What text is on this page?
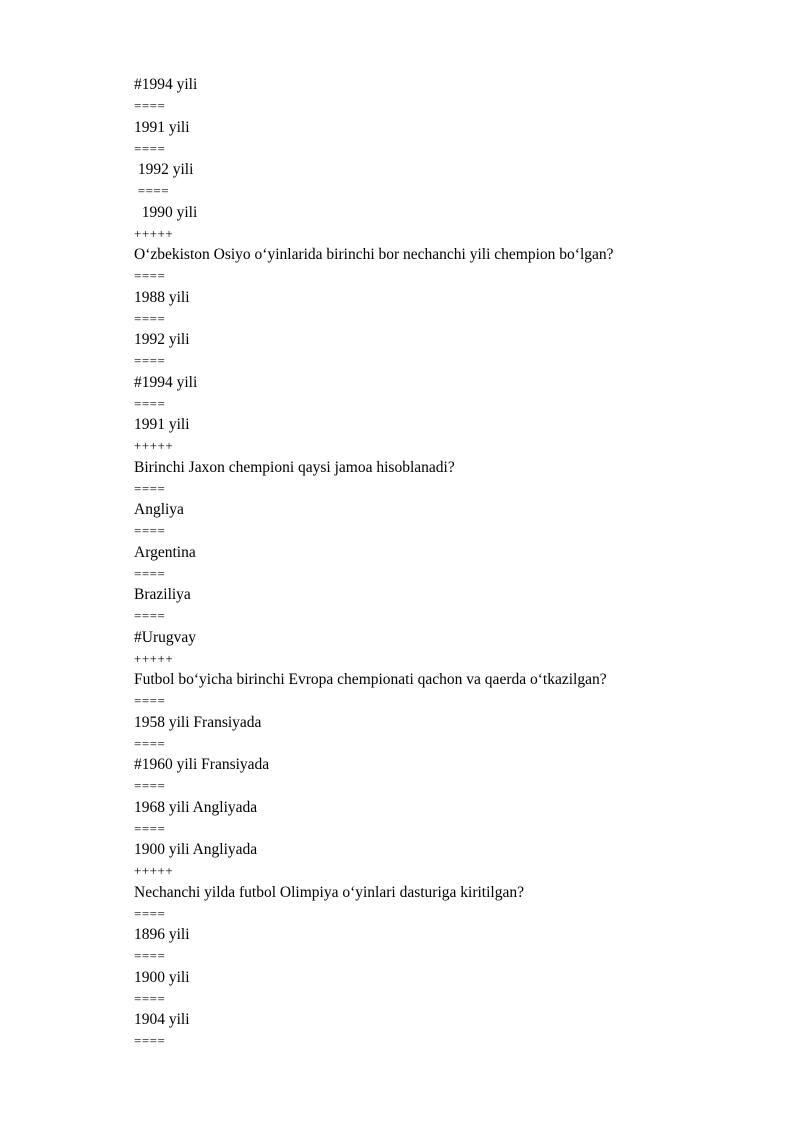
#1994 yili

====

1991 yili

====

1992 yili

====

1990 yili

+++++

O‘zbekiston Osiyo o‘yinlarida birinchi bor nechanchi yili chempion bo‘lgan?

====

1988 yili

====

1992 yili

====

#1994 yili

====

1991 yili

+++++

Birinchi Jaxon chempioni qaysi jamoa hisoblanadi?

====

Angliya

====

Argentina

====

Braziliya

====

#Urugvay

+++++

Futbol bo‘yicha birinchi Evropa chempionati qachon va qaerda o‘tkazilgan?

====

1958 yili Fransiyada

====

#1960 yili Fransiyada

====

1968 yili Angliyada

====

1900 yili Angliyada

+++++

Nechanchi yilda futbol Olimpiya o‘yinlari dasturiga kiritilgan?

====

1896 yili

====

1900 yili

====

1904 yili

====
